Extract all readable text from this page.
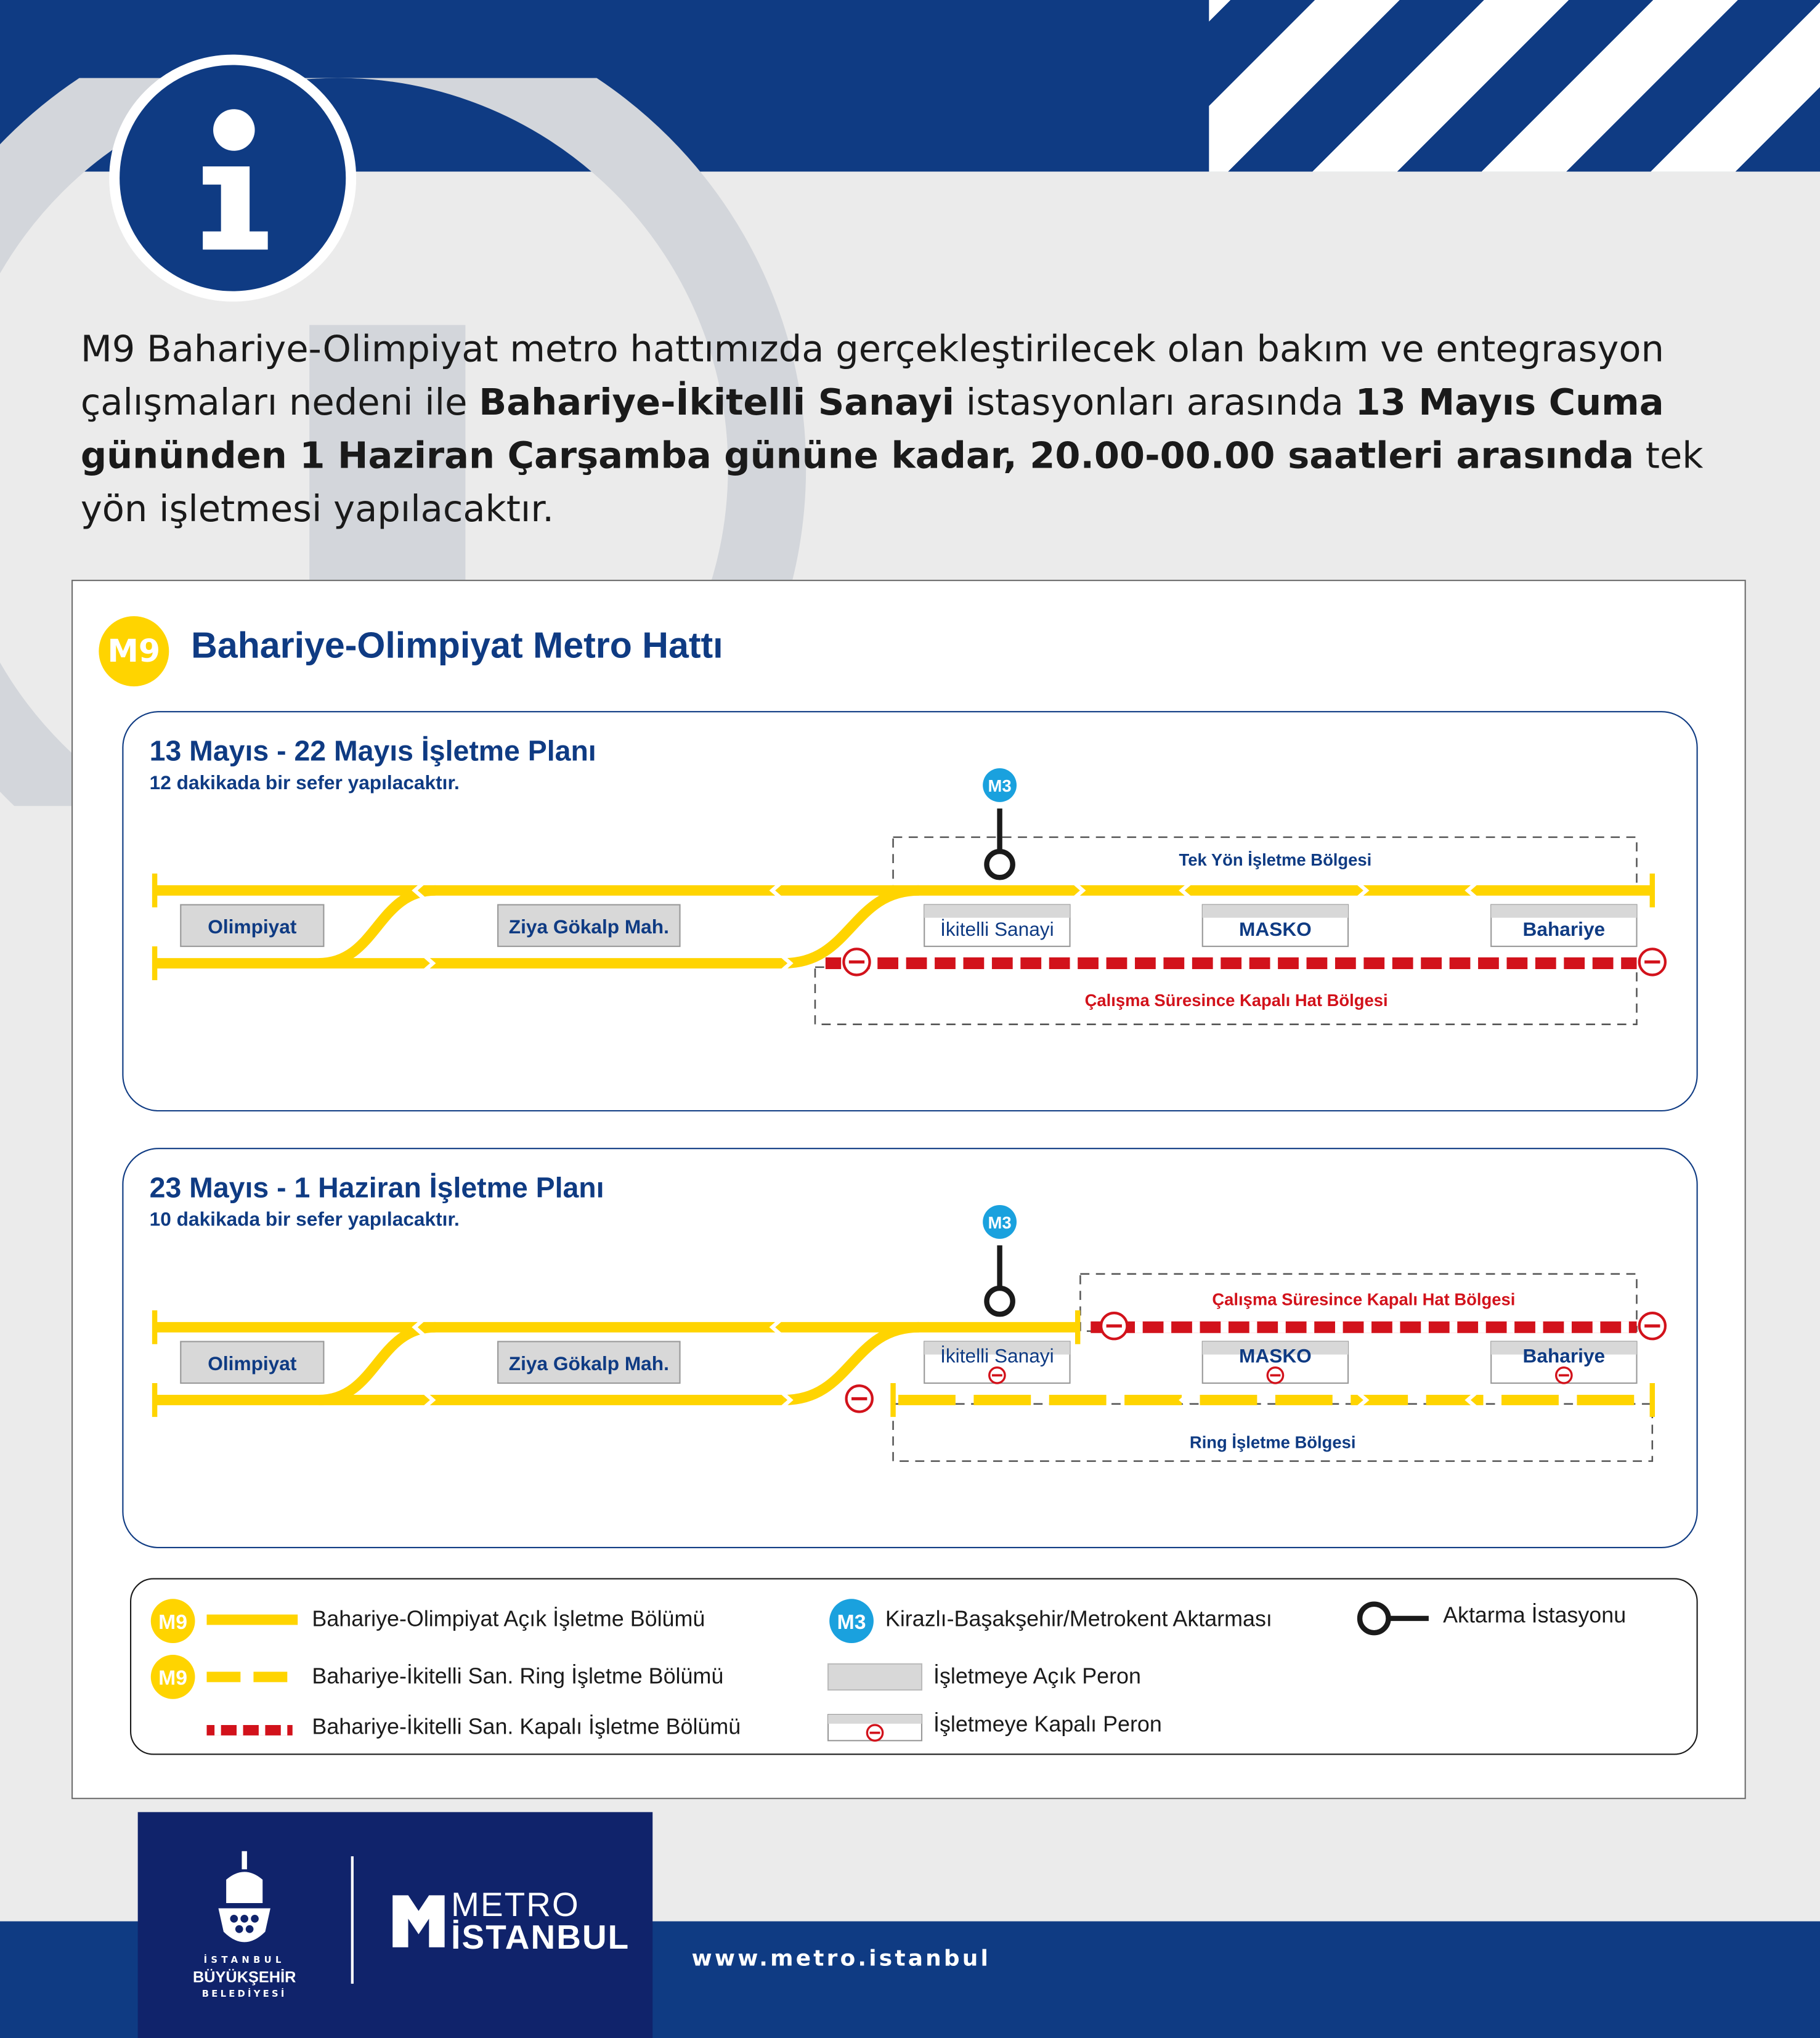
M9 Bahariye-Olimpiyat metro hattımızda gerçekleştirilecek olan bakım ve entegrasyon çalışmaları nedeni ile Bahariye-İkitelli Sanayi istasyonları arasında 13 Mayıs Cuma gününden 1 Haziran Çarşamba gününe kadar, 20.00-00.00 saatleri arasında tek yön işletmesi yapılacaktır.
M9	Bahariye-Olimpiyat Metro Hattı
13 Mayıs - 22 Mayıs İşletme Planı
12 dakikada bir sefer yapılacaktır.	M3
Olimpiyat	Ziya Gökalp Mah.	İkitelli Sanayi	MASKO	Bahariye
Tek Yön İşletme Bölgesi
Çalışma Süresince Kapalı Hat Bölgesi
23 Mayıs - 1 Haziran İşletme Planı
10 dakikada bir sefer yapılacaktır.	M3
Olimpiyat	Ziya Gökalp Mah.	İkitelli Sanayi	MASKO	Bahariye
Çalışma Süresince Kapalı Hat Bölgesi
Ring İşletme Bölgesi
M9
M9
M3
Bahariye-Olimpiyat Açık İşletme Bölümü
Bahariye-İkitelli San. Ring İşletme Bölümü
Bahariye-İkitelli San. Kapalı İşletme Bölümü
Kirazlı-Başakşehir/Metrokent Aktarması
İşletmeye Açık Peron
İşletmeye Kapalı Peron
Aktarma İstasyonu
İSTANBUL
BÜYÜKŞEHİR
BELEDİYESİ
METRO
İSTANBUL
www.metro.istanbul
